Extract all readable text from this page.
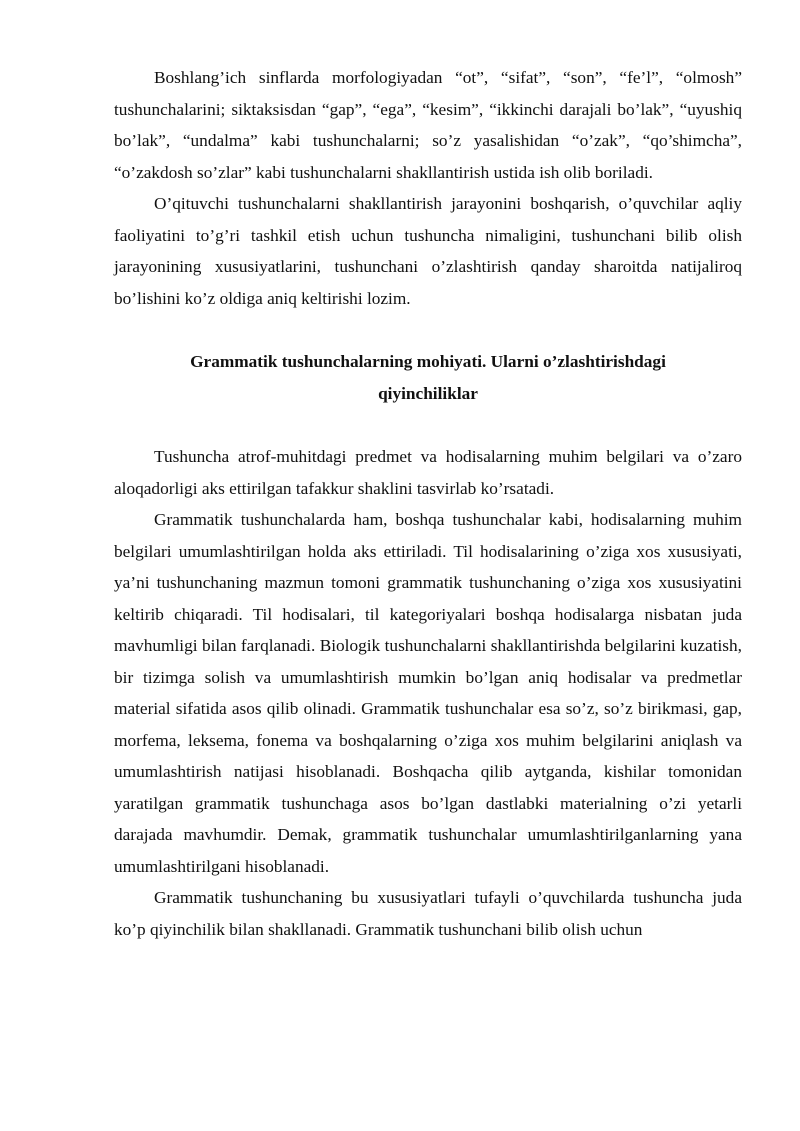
Boshlang’ich sinflarda morfologiyadan “ot”, “sifat”, “son”, “fe’l”, “olmosh” tushunchalarini; siktaksisdan “gap”, “ega”, “kesim”, “ikkinchi darajali bo’lak”, “uyushiq bo’lak”, “undalma” kabi tushunchalarni; so’z yasalishidan “o’zak”, “qo’shimcha”, “o’zakdosh so’zlar” kabi tushunchalarni shakllantirish ustida ish olib boriladi.

O’qituvchi tushunchalarni shakllantirish jarayonini boshqarish, o’quvchilar aqliy faoliyatini to’g’ri tashkil etish uchun tushuncha nimaligini, tushunchani bilib olish jarayonining xususiyatlarini, tushunchani o’zlashtirish qanday sharoitda natijaliroq bo’lishini ko’z oldiga aniq keltirishi lozim.

Grammatik tushunchalarning mohiyati. Ularni o’zlashtirishdagi
qiyinchiliklar

Tushuncha atrof-muhitdagi predmet va hodisalarning muhim belgilari va o’zaro aloqadorligi aks ettirilgan tafakkur shaklini tasvirlab ko’rsatadi.

Grammatik tushunchalarda ham, boshqa tushunchalar kabi, hodisalarning muhim belgilari umumlashtirilgan holda aks ettiriladi. Til hodisalarining o’ziga xos xususiyati, ya’ni tushunchaning mazmun tomoni grammatik tushunchaning o’ziga xos xususiyatini keltirib chiqaradi. Til hodisalari, til kategoriyalari boshqa hodisalarga nisbatan juda mavhumligi bilan farqlanadi. Biologik tushunchalarni shakllantirishda belgilarini kuzatish, bir tizimga solish va umumlashtirish mumkin bo’lgan aniq hodisalar va predmetlar material sifatida asos qilib olinadi. Grammatik tushunchalar esa so’z, so’z birikmasi, gap, morfema, leksema, fonema va boshqalarning o’ziga xos muhim belgilarini aniqlash va umumlashtirish natijasi hisoblanadi. Boshqacha qilib aytganda, kishilar tomonidan yaratilgan grammatik tushunchaga asos bo’lgan dastlabki materialning o’zi yetarli darajada mavhumdir. Demak, grammatik tushunchalar umumlashtirilganlarning yana umumlashtirilgani hisoblanadi.

Grammatik tushunchaning bu xususiyatlari tufayli o’quvchilarda tushuncha juda ko’p qiyinchilik bilan shakllanadi. Grammatik tushunchani bilib olish uchun
